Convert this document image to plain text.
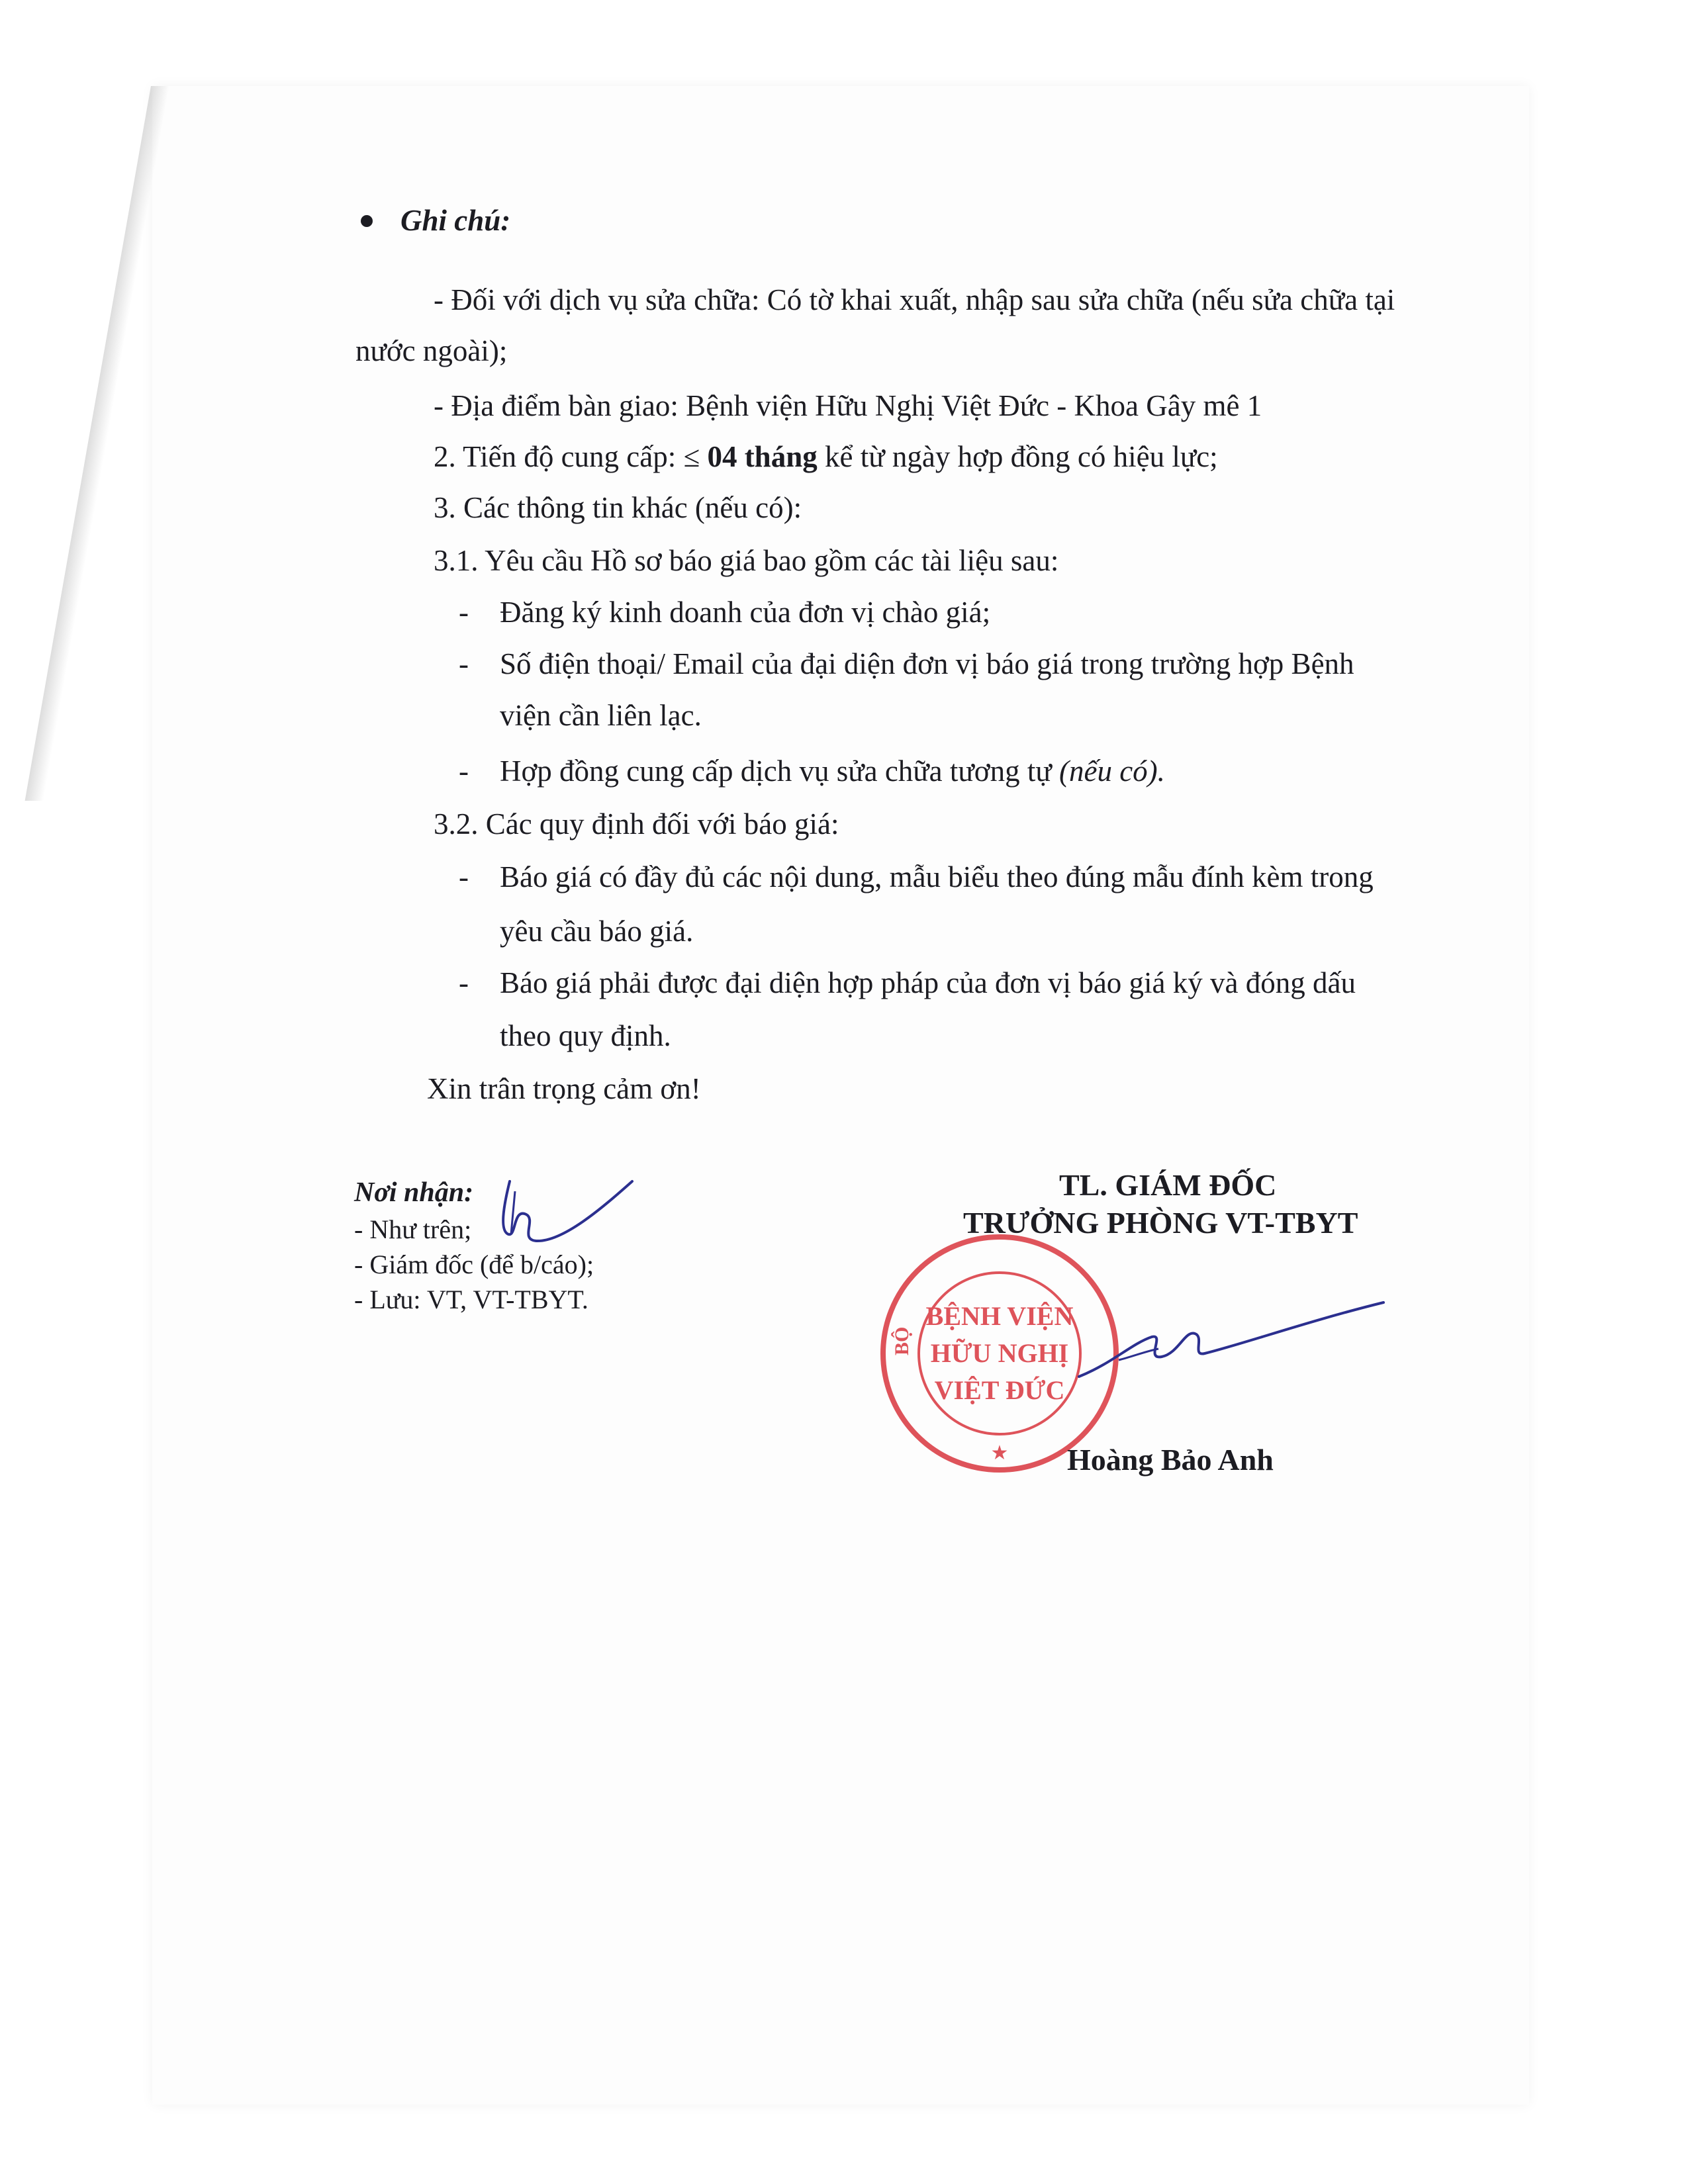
Ghi chú:
- Đối với dịch vụ sửa chữa: Có tờ khai xuất, nhập sau sửa chữa (nếu sửa chữa tại
nước ngoài);
- Địa điểm bàn giao: Bệnh viện Hữu Nghị Việt Đức - Khoa Gây mê 1
2. Tiến độ cung cấp: ≤ 04 tháng kể từ ngày hợp đồng có hiệu lực;
3. Các thông tin khác (nếu có):
3.1. Yêu cầu Hồ sơ báo giá bao gồm các tài liệu sau:
- Đăng ký kinh doanh của đơn vị chào giá;
- Số điện thoại/ Email của đại diện đơn vị báo giá trong trường hợp Bệnh
viện cần liên lạc.
- Hợp đồng cung cấp dịch vụ sửa chữa tương tự (nếu có).
3.2. Các quy định đối với báo giá:
- Báo giá có đầy đủ các nội dung, mẫu biểu theo đúng mẫu đính kèm trong
yêu cầu báo giá.
- Báo giá phải được đại diện hợp pháp của đơn vị báo giá ký và đóng dấu
theo quy định.
Xin trân trọng cảm ơn!
Nơi nhận:
- Như trên;
- Giám đốc (để b/cáo);
- Lưu: VT, VT-TBYT.
TL. GIÁM ĐỐC
TRƯỞNG PHÒNG VT-TBYT
BỆNH VIỆN
HỮU NGHỊ
VIỆT ĐỨC
BỘ
★	Hoàng Bảo Anh
